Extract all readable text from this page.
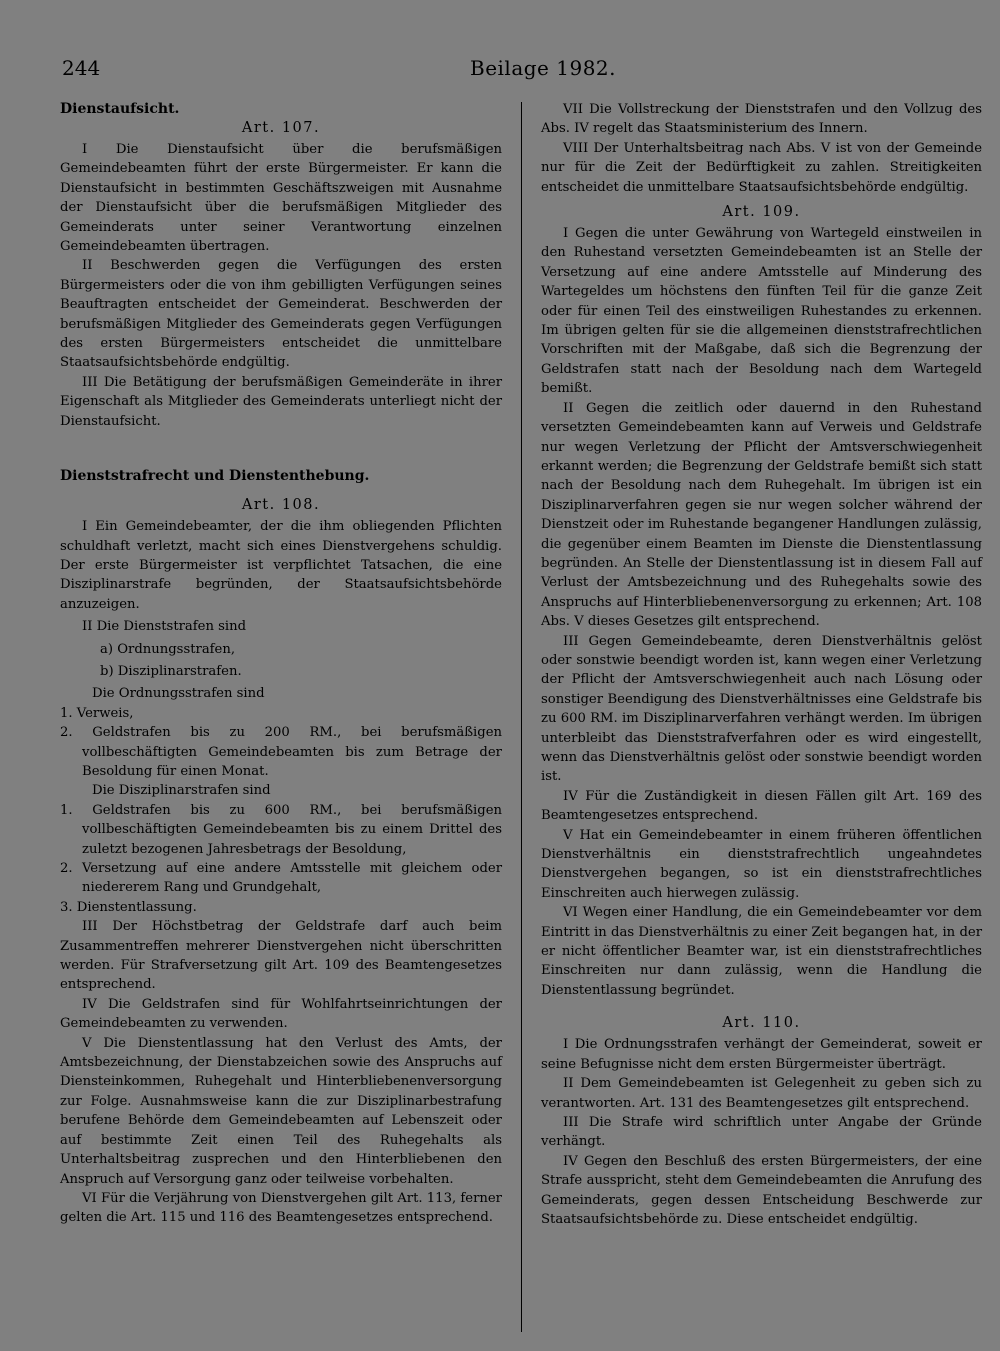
244	Beilage 1982.

Dienstaufsicht.

Art. 107.

I Die Dienstaufsicht über die berufsmäßigen Gemeindebeamten führt der erste Bürgermeister. Er kann die Dienstaufsicht in bestimmten Geschäftszweigen mit Ausnahme der Dienstaufsicht über die berufsmäßigen Mitglieder des Gemeinderats unter seiner Verantwortung einzelnen Gemeindebeamten übertragen.

II Beschwerden gegen die Verfügungen des ersten Bürgermeisters oder die von ihm gebilligten Verfügungen seines Beauftragten entscheidet der Gemeinderat. Beschwerden der berufsmäßigen Mitglieder des Gemeinderats gegen Verfügungen des ersten Bürgermeisters entscheidet die unmittelbare Staatsaufsichtsbehörde endgültig.

III Die Betätigung der berufsmäßigen Gemeinderäte in ihrer Eigenschaft als Mitglieder des Gemeinderats unterliegt nicht der Dienstaufsicht.

Dienststrafrecht und Dienstenthebung.

Art. 108.

I Ein Gemeindebeamter, der die ihm obliegenden Pflichten schuldhaft verletzt, macht sich eines Dienstvergehens schuldig. Der erste Bürgermeister ist verpflichtet Tatsachen, die eine Disziplinarstrafe begründen, der Staatsaufsichtsbehörde anzuzeigen.

II Die Dienststrafen sind

a) Ordnungsstrafen,

b) Disziplinarstrafen.

Die Ordnungsstrafen sind

1. Verweis,

2. Geldstrafen bis zu 200 RM., bei berufsmäßigen vollbeschäftigten Gemeindebeamten bis zum Betrage der Besoldung für einen Monat.

Die Disziplinarstrafen sind

1. Geldstrafen bis zu 600 RM., bei berufsmäßigen vollbeschäftigten Gemeindebeamten bis zu einem Drittel des zuletzt bezogenen Jahresbetrags der Besoldung,

2. Versetzung auf eine andere Amtsstelle mit gleichem oder niedererem Rang und Grundgehalt,

3. Dienstentlassung.

III Der Höchstbetrag der Geldstrafe darf auch beim Zusammentreffen mehrerer Dienstvergehen nicht überschritten werden. Für Strafversetzung gilt Art. 109 des Beamtengesetzes entsprechend.

IV Die Geldstrafen sind für Wohlfahrtseinrichtungen der Gemeindebeamten zu verwenden.

V Die Dienstentlassung hat den Verlust des Amts, der Amtsbezeichnung, der Dienstabzeichen sowie des Anspruchs auf Diensteinkommen, Ruhegehalt und Hinterbliebenenversorgung zur Folge. Ausnahmsweise kann die zur Disziplinarbestrafung berufene Behörde dem Gemeindebeamten auf Lebenszeit oder auf bestimmte Zeit einen Teil des Ruhegehalts als Unterhaltsbeitrag zusprechen und den Hinterbliebenen den Anspruch auf Versorgung ganz oder teilweise vorbehalten.

VI Für die Verjährung von Dienstvergehen gilt Art. 113, ferner gelten die Art. 115 und 116 des Beamtengesetzes entsprechend.

VII Die Vollstreckung der Dienststrafen und den Vollzug des Abs. IV regelt das Staatsministerium des Innern.

VIII Der Unterhaltsbeitrag nach Abs. V ist von der Gemeinde nur für die Zeit der Bedürftigkeit zu zahlen. Streitigkeiten entscheidet die unmittelbare Staatsaufsichtsbehörde endgültig.

Art. 109.

I Gegen die unter Gewährung von Wartegeld einstweilen in den Ruhestand versetzten Gemeindebeamten ist an Stelle der Versetzung auf eine andere Amtsstelle auf Minderung des Wartegeldes um höchstens den fünften Teil für die ganze Zeit oder für einen Teil des einstweiligen Ruhestandes zu erkennen. Im übrigen gelten für sie die allgemeinen dienststrafrechtlichen Vorschriften mit der Maßgabe, daß sich die Begrenzung der Geldstrafen statt nach der Besoldung nach dem Wartegeld bemißt.

II Gegen die zeitlich oder dauernd in den Ruhestand versetzten Gemeindebeamten kann auf Verweis und Geldstrafe nur wegen Verletzung der Pflicht der Amtsverschwiegenheit erkannt werden; die Begrenzung der Geldstrafe bemißt sich statt nach der Besoldung nach dem Ruhegehalt. Im übrigen ist ein Disziplinarverfahren gegen sie nur wegen solcher während der Dienstzeit oder im Ruhestande begangener Handlungen zulässig, die gegenüber einem Beamten im Dienste die Dienstentlassung begründen. An Stelle der Dienstentlassung ist in diesem Fall auf Verlust der Amtsbezeichnung und des Ruhegehalts sowie des Anspruchs auf Hinterbliebenenversorgung zu erkennen; Art. 108 Abs. V dieses Gesetzes gilt entsprechend.

III Gegen Gemeindebeamte, deren Dienstverhältnis gelöst oder sonstwie beendigt worden ist, kann wegen einer Verletzung der Pflicht der Amtsverschwiegenheit auch nach Lösung oder sonstiger Beendigung des Dienstverhältnisses eine Geldstrafe bis zu 600 RM. im Disziplinarverfahren verhängt werden. Im übrigen unterbleibt das Dienststrafverfahren oder es wird eingestellt, wenn das Dienstverhältnis gelöst oder sonstwie beendigt worden ist.

IV Für die Zuständigkeit in diesen Fällen gilt Art. 169 des Beamtengesetzes entsprechend.

V Hat ein Gemeindebeamter in einem früheren öffentlichen Dienstverhältnis ein dienststrafrechtlich ungeahndetes Dienstvergehen begangen, so ist ein dienststrafrechtliches Einschreiten auch hierwegen zulässig.

VI Wegen einer Handlung, die ein Gemeindebeamter vor dem Eintritt in das Dienstverhältnis zu einer Zeit begangen hat, in der er nicht öffentlicher Beamter war, ist ein dienststrafrechtliches Einschreiten nur dann zulässig, wenn die Handlung die Dienstentlassung begründet.

Art. 110.

I Die Ordnungsstrafen verhängt der Gemeinderat, soweit er seine Befugnisse nicht dem ersten Bürgermeister überträgt.

II Dem Gemeindebeamten ist Gelegenheit zu geben sich zu verantworten. Art. 131 des Beamtengesetzes gilt entsprechend.

III Die Strafe wird schriftlich unter Angabe der Gründe verhängt.

IV Gegen den Beschluß des ersten Bürgermeisters, der eine Strafe ausspricht, steht dem Gemeindebeamten die Anrufung des Gemeinderats, gegen dessen Entscheidung Beschwerde zur Staatsaufsichtsbehörde zu. Diese entscheidet endgültig.
